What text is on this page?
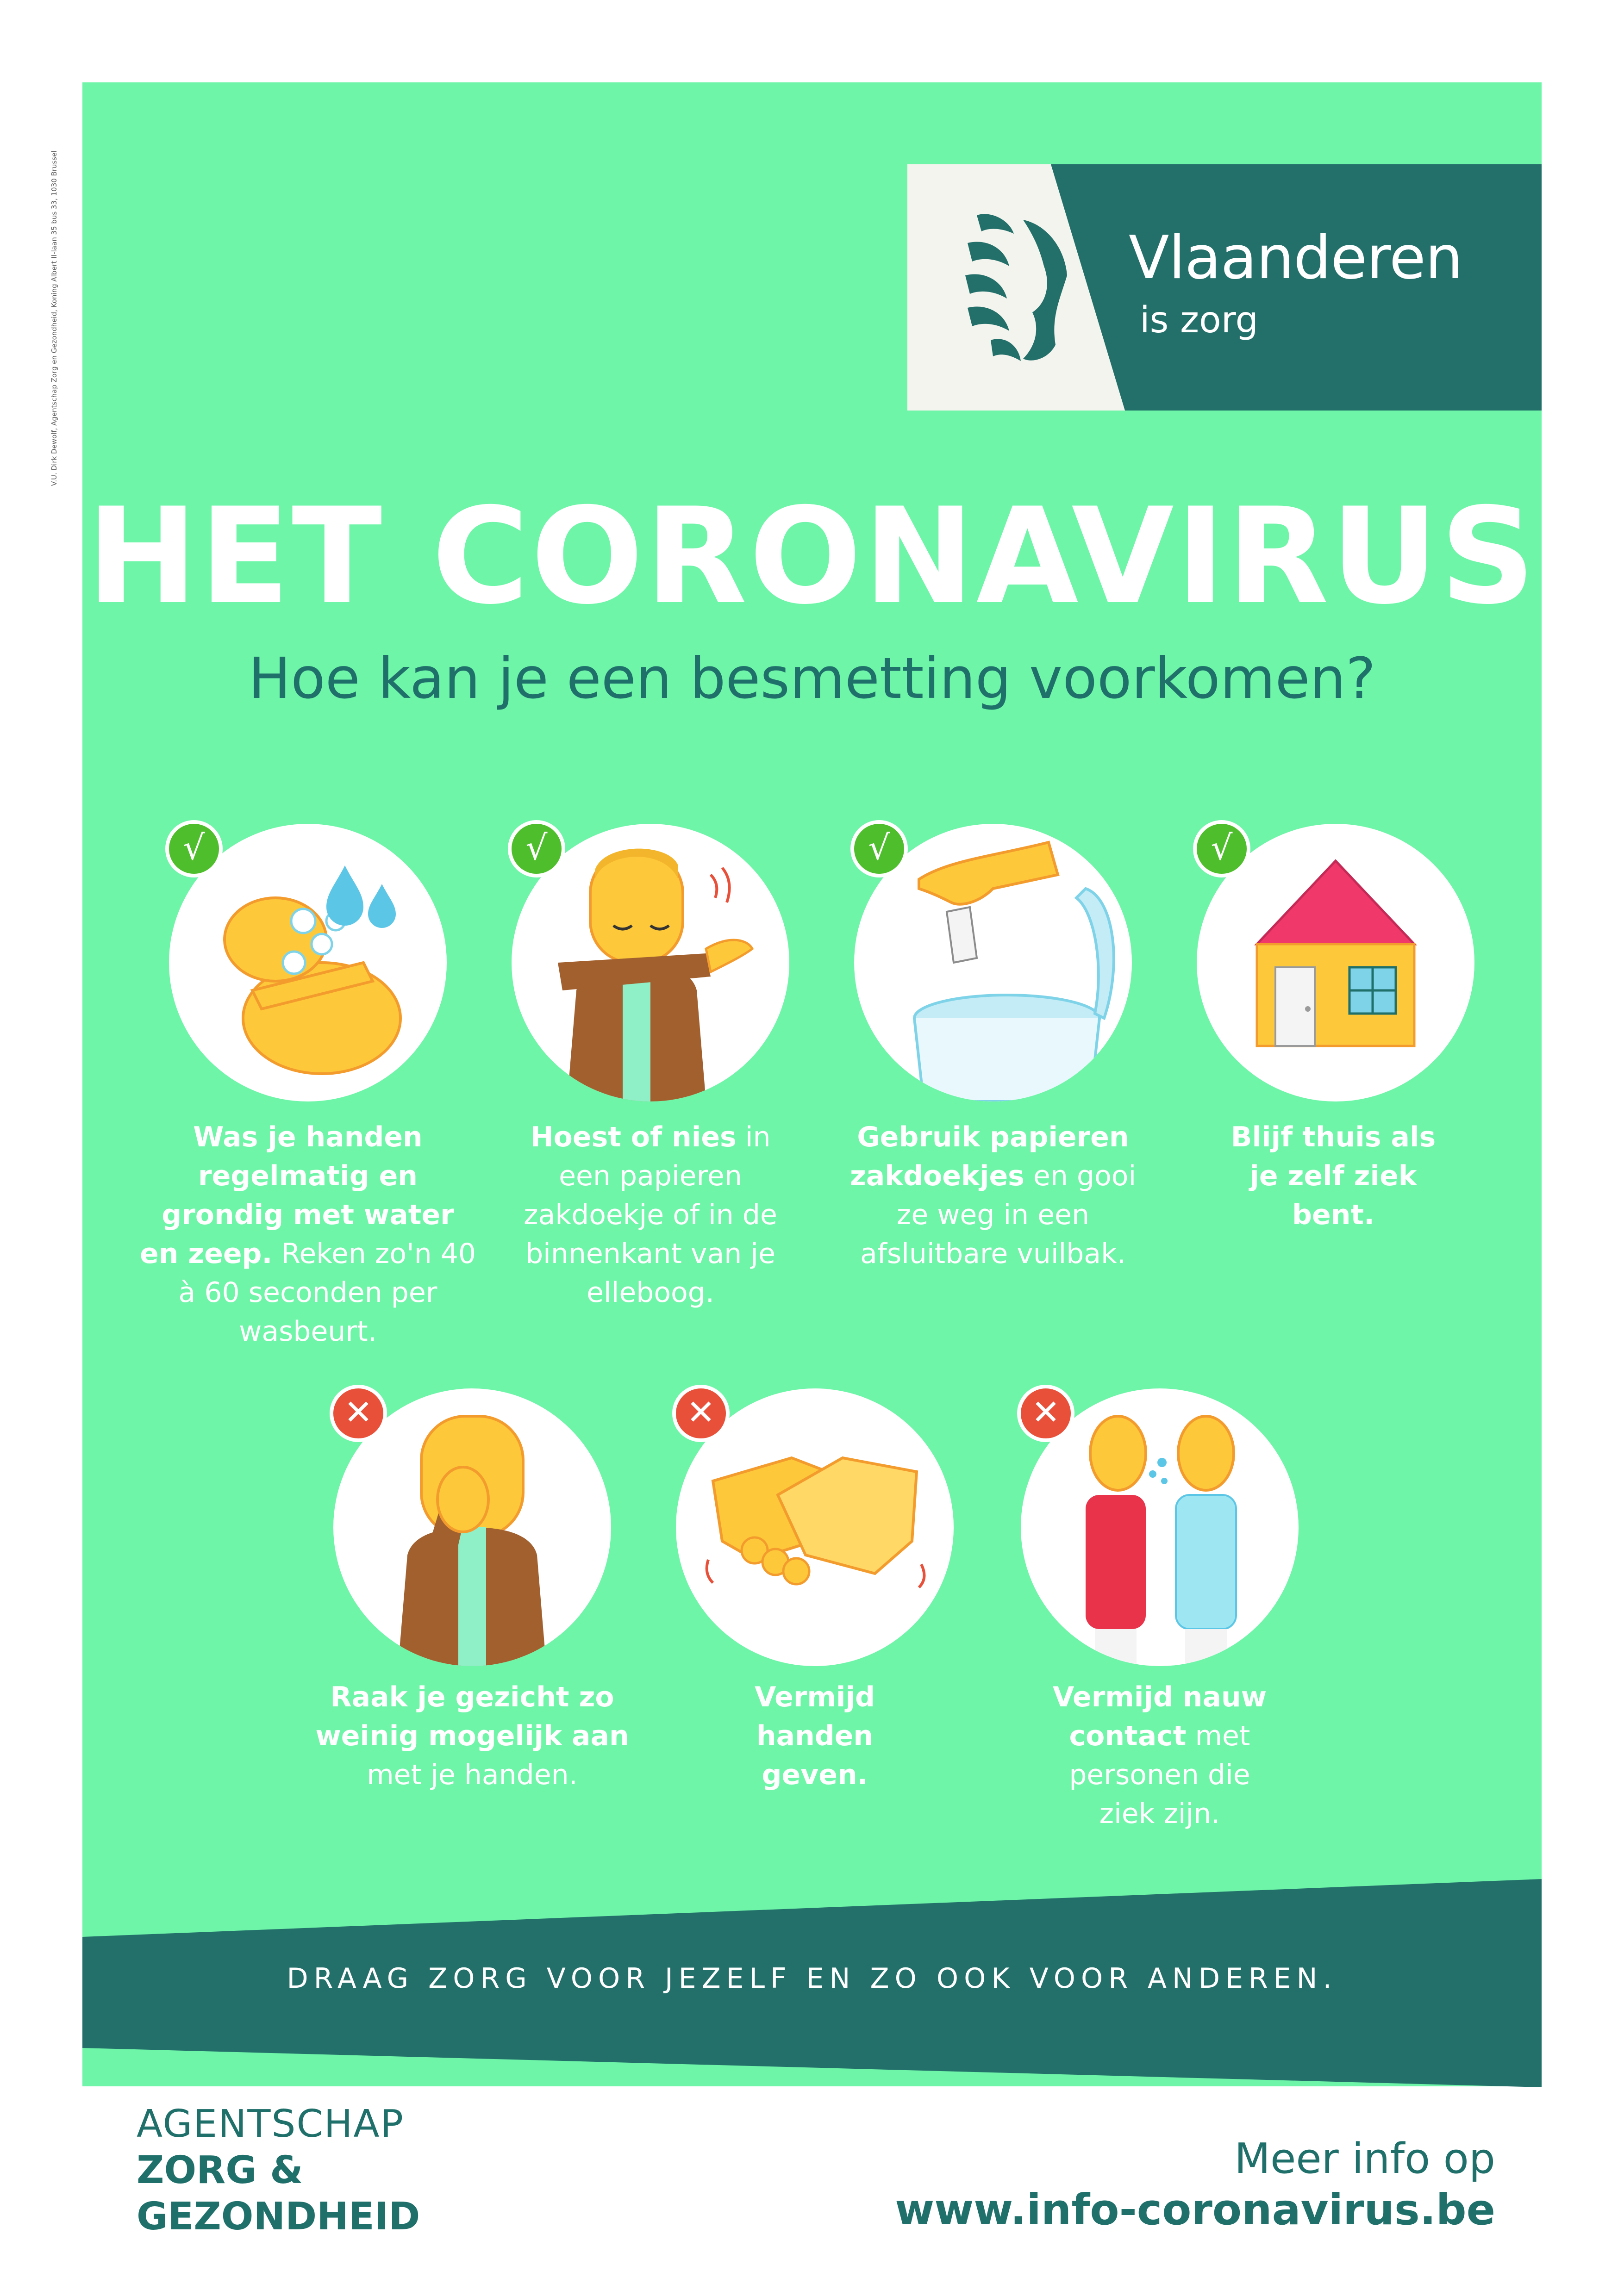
V.U. Dirk Dewolf, Agentschap Zorg en Gezondheid, Koning Albert II-laan 35 bus 33, 1030 Brussel	Vlaanderen
is zorg
HET CORONAVIRUS
Hoe kan je een besmetting voorkomen?
√
Was je handen regelmatig en grondig met water en zeep. Reken zo'n 40 à 60 seconden per wasbeurt.
√
Hoest of nies in een papieren zakdoekje of in de binnenkant van je elleboog.
√
Gebruik papieren zakdoekjes en gooi ze weg in een afsluitbare vuilbak.
√
Blijf thuis als je zelf ziek bent.
✕
Raak je gezicht zo weinig mogelijk aan met je handen.
✕
Vermijd handen geven.
✕
Vermijd nauw contact met personen die ziek zijn.
DRAAG ZORG VOOR JEZELF EN ZO OOK VOOR ANDEREN.
AGENTSCHAP
ZORG &
GEZONDHEID
Meer info op
www.info-coronavirus.be
